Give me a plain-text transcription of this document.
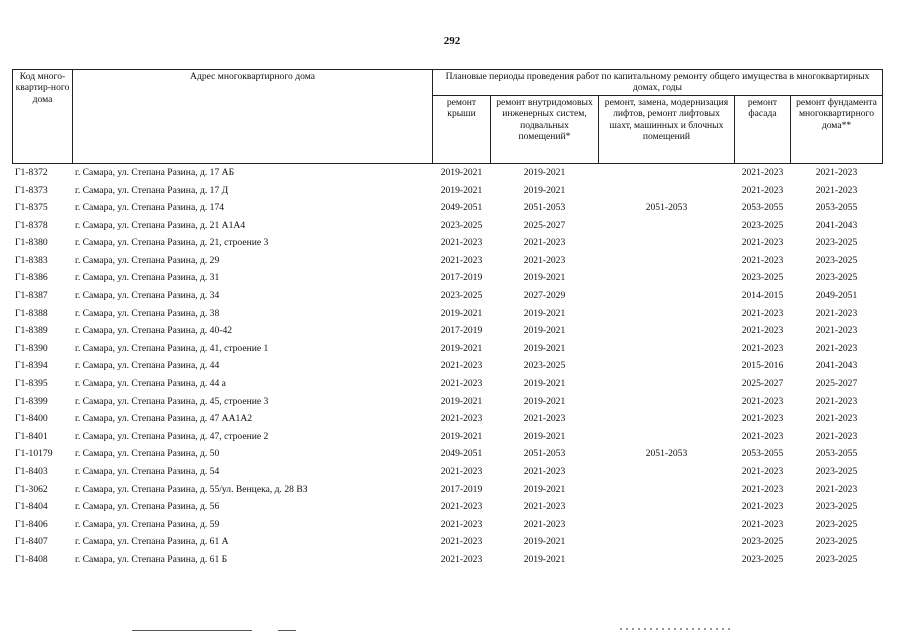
292
Код много-квартир-ного дома	Адрес многоквартирного дома	Плановые периоды проведения работ по капитальному ремонту общего имущества в многоквартирных домах, годы				
		ремонт крыши	ремонт внутридомовых инженерных систем, подвальных помещений*	ремонт, замена, модернизация лифтов, ремонт лифтовых шахт, машинных и блочных помещений	ремонт фасада	ремонт фундамента многоквартирного дома**
Г1-8372	г. Самара, ул. Степана Разина, д. 17 АБ	2019-2021	2019-2021		2021-2023	2021-2023
Г1-8373	г. Самара, ул. Степана Разина, д. 17 Д	2019-2021	2019-2021		2021-2023	2021-2023
Г1-8375	г. Самара, ул. Степана Разина, д. 174	2049-2051	2051-2053	2051-2053	2053-2055	2053-2055
Г1-8378	г. Самара, ул. Степана Разина, д. 21 А1А4	2023-2025	2025-2027		2023-2025	2041-2043
Г1-8380	г. Самара, ул. Степана Разина, д. 21, строение 3	2021-2023	2021-2023		2021-2023	2023-2025
Г1-8383	г. Самара, ул. Степана Разина, д. 29	2021-2023	2021-2023		2021-2023	2023-2025
Г1-8386	г. Самара, ул. Степана Разина, д. 31	2017-2019	2019-2021		2023-2025	2023-2025
Г1-8387	г. Самара, ул. Степана Разина, д. 34	2023-2025	2027-2029		2014-2015	2049-2051
Г1-8388	г. Самара, ул. Степана Разина, д. 38	2019-2021	2019-2021		2021-2023	2021-2023
Г1-8389	г. Самара, ул. Степана Разина, д. 40-42	2017-2019	2019-2021		2021-2023	2021-2023
Г1-8390	г. Самара, ул. Степана Разина, д. 41, строение 1	2019-2021	2019-2021		2021-2023	2021-2023
Г1-8394	г. Самара, ул. Степана Разина, д. 44	2021-2023	2023-2025		2015-2016	2041-2043
Г1-8395	г. Самара, ул. Степана Разина, д. 44 а	2021-2023	2019-2021		2025-2027	2025-2027
Г1-8399	г. Самара, ул. Степана Разина, д. 45, строение 3	2019-2021	2019-2021		2021-2023	2021-2023
Г1-8400	г. Самара, ул. Степана Разина, д. 47 АА1А2	2021-2023	2021-2023		2021-2023	2021-2023
Г1-8401	г. Самара, ул. Степана Разина, д. 47, строение 2	2019-2021	2019-2021		2021-2023	2021-2023
Г1-10179	г. Самара, ул. Степана Разина, д. 50	2049-2051	2051-2053	2051-2053	2053-2055	2053-2055
Г1-8403	г. Самара, ул. Степана Разина, д. 54	2021-2023	2021-2023		2021-2023	2023-2025
Г1-3062	г. Самара, ул. Степана Разина, д. 55/ул. Венцека, д. 28 ВЗ	2017-2019	2019-2021		2021-2023	2021-2023
Г1-8404	г. Самара, ул. Степана Разина, д. 56	2021-2023	2021-2023		2021-2023	2023-2025
Г1-8406	г. Самара, ул. Степана Разина, д. 59	2021-2023	2021-2023		2021-2023	2023-2025
Г1-8407	г. Самара, ул. Степана Разина, д. 61 А	2021-2023	2019-2021		2023-2025	2023-2025
Г1-8408	г. Самара, ул. Степана Разина, д. 61 Б	2021-2023	2019-2021		2023-2025	2023-2025
